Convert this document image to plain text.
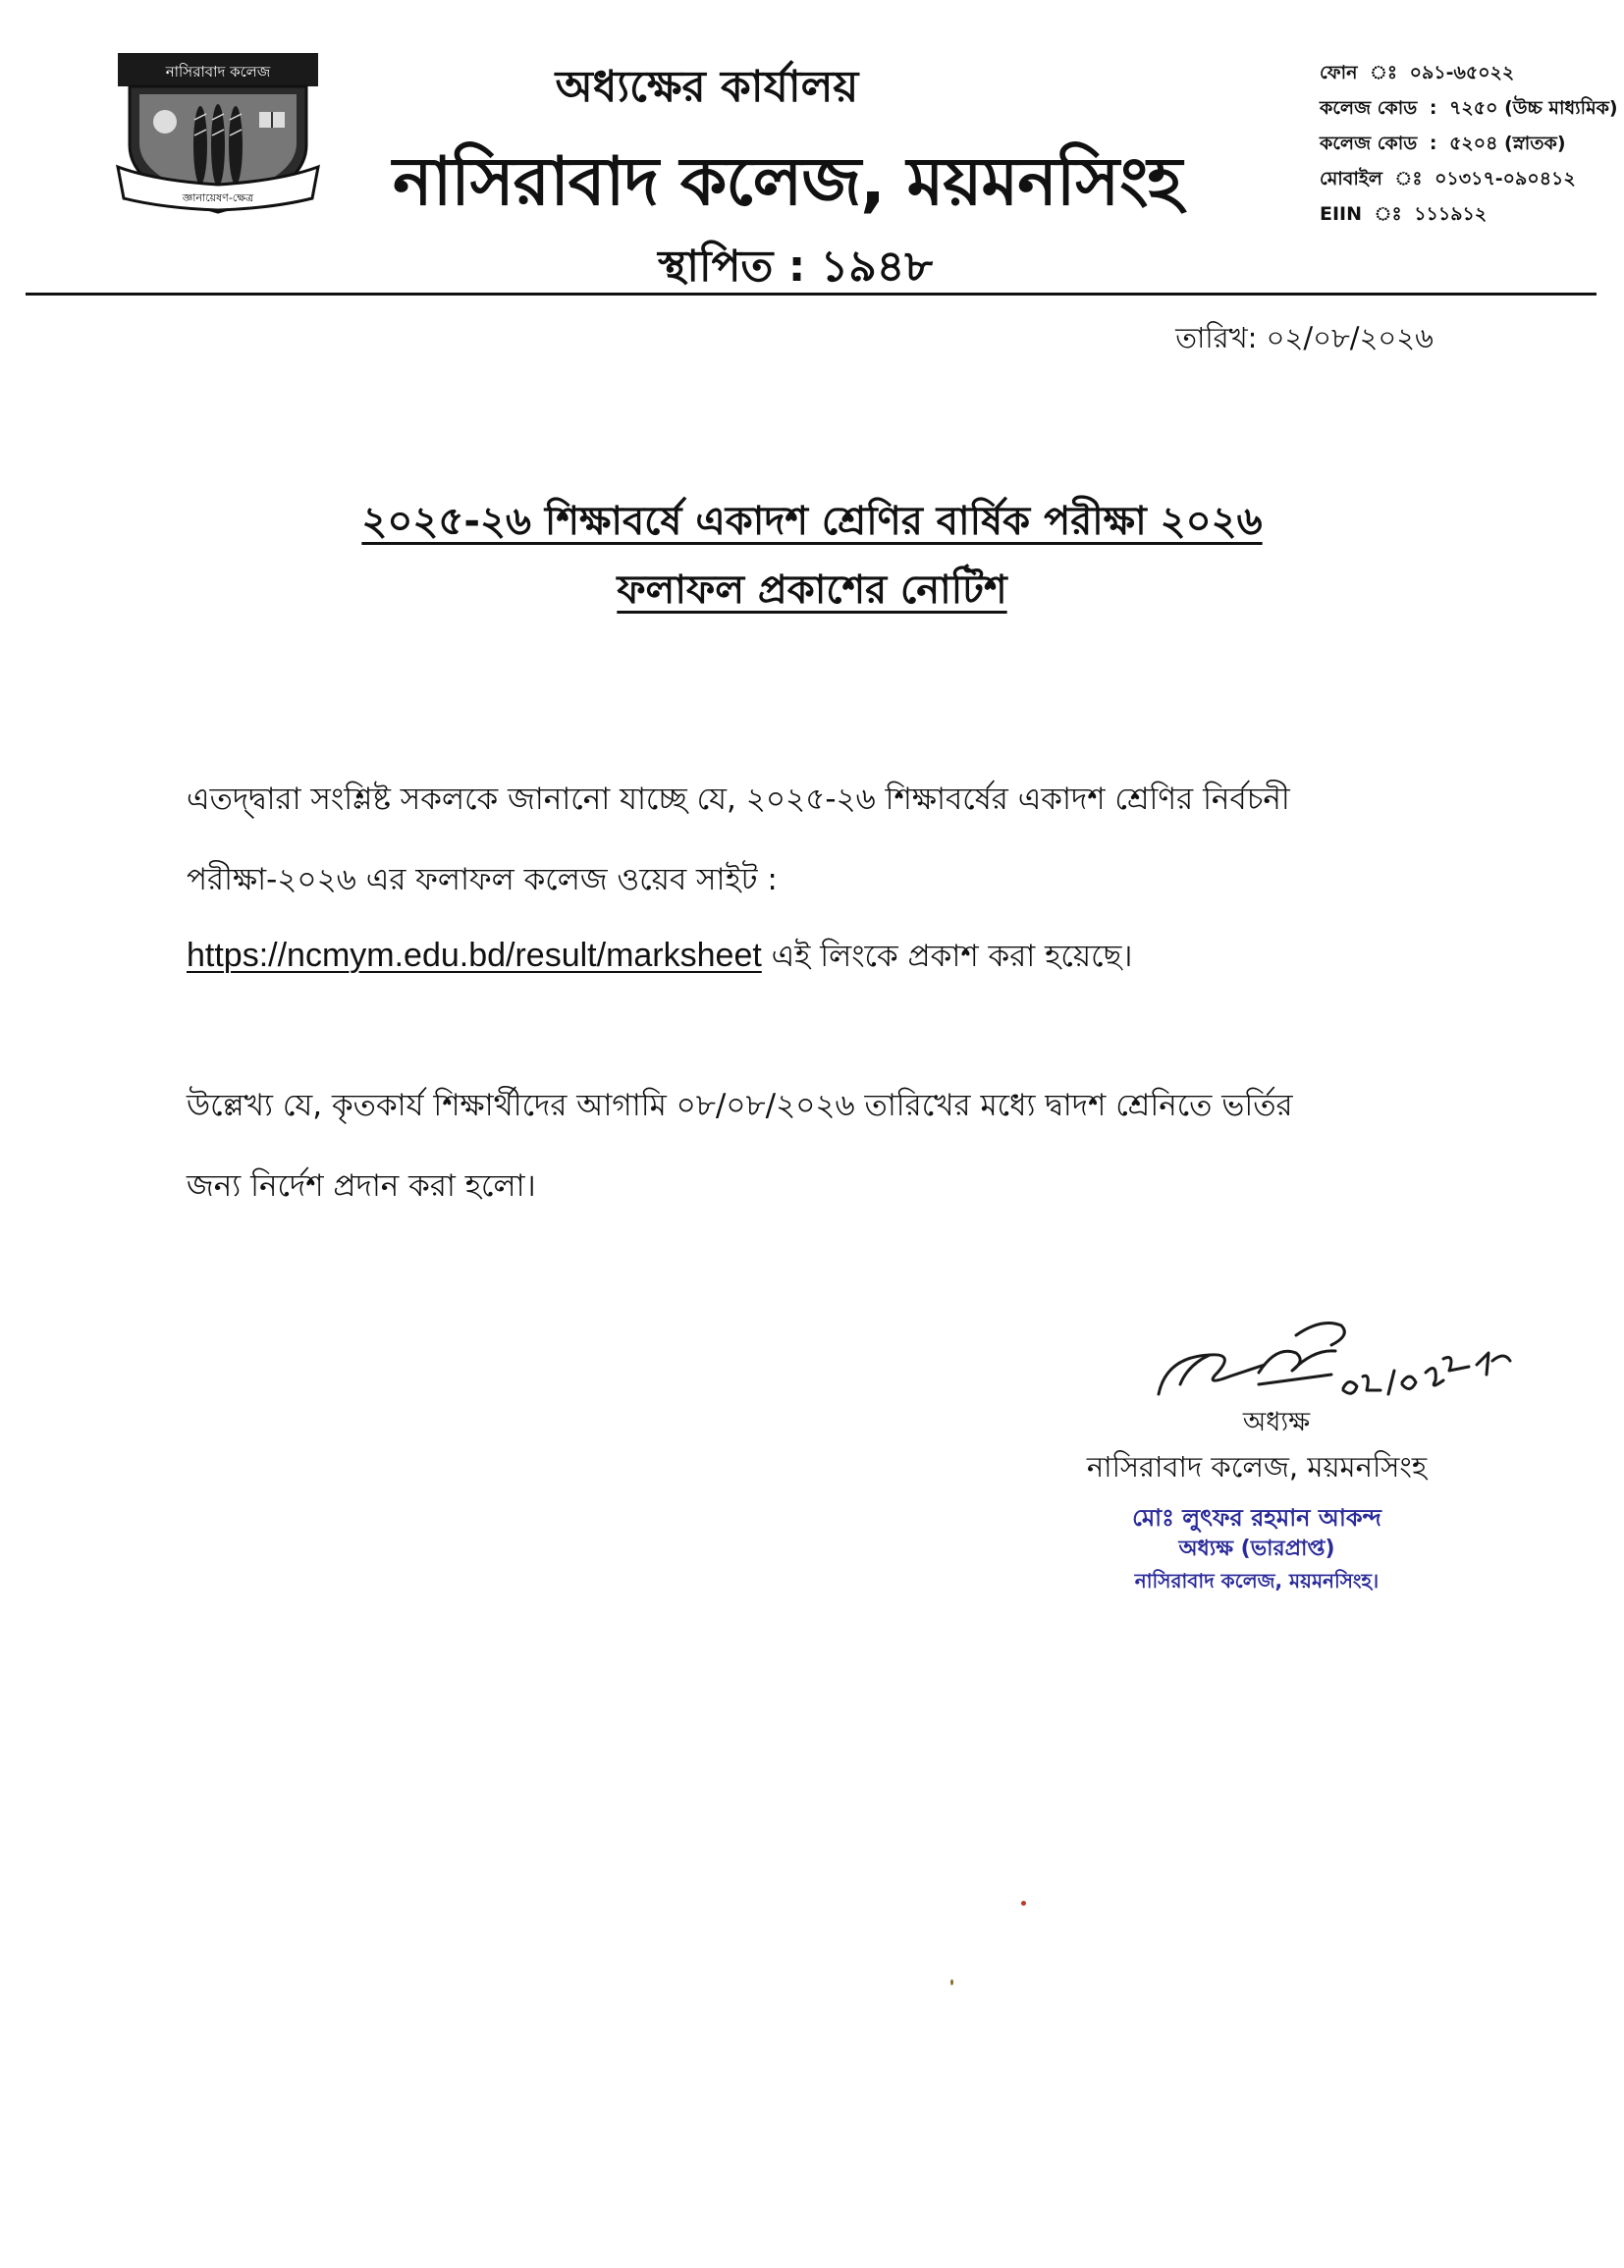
নাসিরাবাদ কলেজ
জ্ঞানায়েষণ-ক্ষেত্র
অধ্যক্ষের কার্যালয়
নাসিরাবাদ কলেজ, ময়মনসিংহ
স্থাপিত : ১৯৪৮
ফোন ঃ ০৯১-৬৫০২২
কলেজ কোড : ৭২৫০ (উচ্চ মাধ্যমিক)
কলেজ কোড : ৫২০৪ (স্নাতক)
মোবাইল ঃ ০১৩১৭-০৯০৪১২
EIIN ঃ ১১১৯১২
তারিখ: ০২/০৮/২০২৬
২০২৫-২৬ শিক্ষাবর্ষে একাদশ শ্রেণির বার্ষিক পরীক্ষা ২০২৬
ফলাফল প্রকাশের নোটিশ
এতদ্দ্বারা সংশ্লিষ্ট সকলকে জানানো যাচ্ছে যে, ২০২৫-২৬ শিক্ষাবর্ষের একাদশ শ্রেণির নির্বচনী
পরীক্ষা-২০২৬ এর ফলাফল কলেজ ওয়েব সাইট :
https://ncmym.edu.bd/result/marksheet এই লিংকে প্রকাশ করা হয়েছে।
উল্লেখ্য যে, কৃতকার্য শিক্ষার্থীদের আগামি ০৮/০৮/২০২৬ তারিখের মধ্যে দ্বাদশ শ্রেনিতে ভর্তির
জন্য নির্দেশ প্রদান করা হলো।
অধ্যক্ষ
নাসিরাবাদ কলেজ, ময়মনসিংহ
মোঃ লুৎফর রহমান আকন্দ
অধ্যক্ষ (ভারপ্রাপ্ত)
নাসিরাবাদ কলেজ, ময়মনসিংহ।
